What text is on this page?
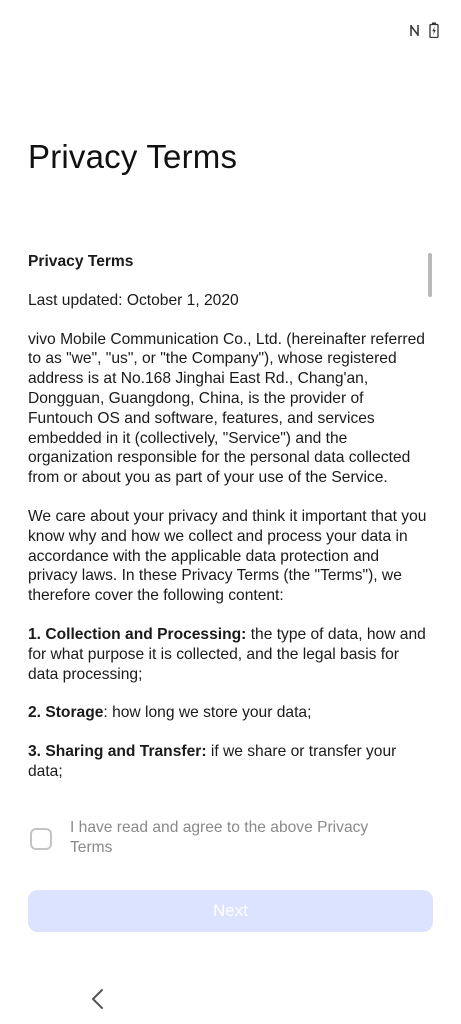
Privacy Terms

Privacy Terms

Last updated: October 1, 2020

vivo Mobile Communication Co., Ltd. (hereinafter referred to as "we", "us", or "the Company"), whose registered address is at No.168 Jinghai East Rd., Chang'an, Dongguan, Guangdong, China, is the provider of Funtouch OS and software, features, and services embedded in it (collectively, "Service") and the organization responsible for the personal data collected from or about you as part of your use of the Service.

We care about your privacy and think it important that you know why and how we collect and process your data in accordance with the applicable data protection and privacy laws. In these Privacy Terms (the "Terms"), we therefore cover the following content:

1. Collection and Processing: the type of data, how and for what purpose it is collected, and the legal basis for data processing;

2. Storage: how long we store your data;

3. Sharing and Transfer: if we share or transfer your data;

I have read and agree to the above Privacy Terms
Next
